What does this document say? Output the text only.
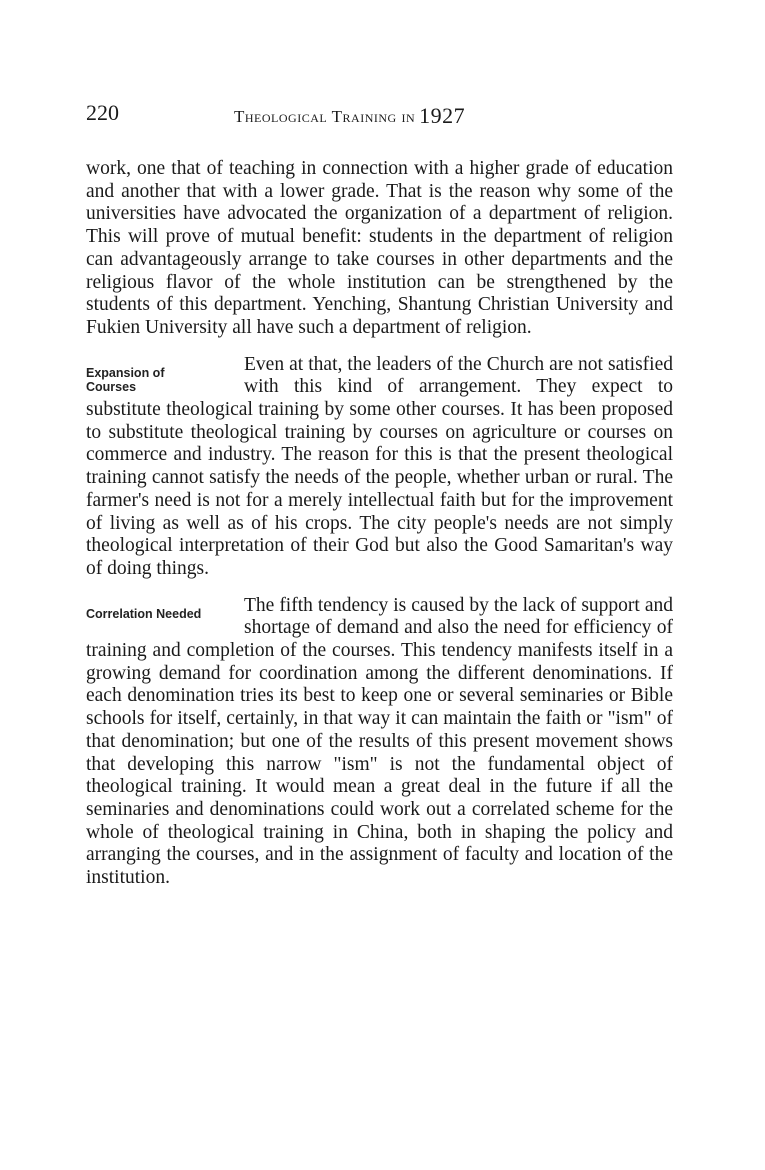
220	Theological Training in 1927

work, one that of teaching in connection with a higher grade of education and another that with a lower grade. That is the reason why some of the universities have advocated the organization of a department of religion. This will prove of mutual benefit: students in the department of religion can advantageously arrange to take courses in other departments and the religious flavor of the whole institution can be strengthened by the students of this department. Yenching, Shantung Christian University and Fukien University all have such a department of religion.

Expansion of Courses

Even at that, the leaders of the Church are not satisfied with this kind of arrangement. They expect to substitute theological training by some other courses. It has been proposed to substitute theological training by courses on agriculture or courses on commerce and industry. The reason for this is that the present theological training cannot satisfy the needs of the people, whether urban or rural. The farmer's need is not for a merely intellectual faith but for the improvement of living as well as of his crops. The city people's needs are not simply theological interpretation of their God but also the Good Samaritan's way of doing things.

Correlation Needed	The fifth tendency is caused by the lack of support and shortage of demand and also the need for efficiency of training and completion of the courses. This tendency manifests itself in a growing demand for coordination among the different denominations. If each denomination tries its best to keep one or several seminaries or Bible schools for itself, certainly, in that way it can maintain the faith or "ism" of that denomination; but one of the results of this present movement shows that developing this narrow "ism" is not the fundamental object of theological training. It would mean a great deal in the future if all the seminaries and denominations could work out a correlated scheme for the whole of theological training in China, both in shaping the policy and arranging the courses, and in the assignment of faculty and location of the institution.
